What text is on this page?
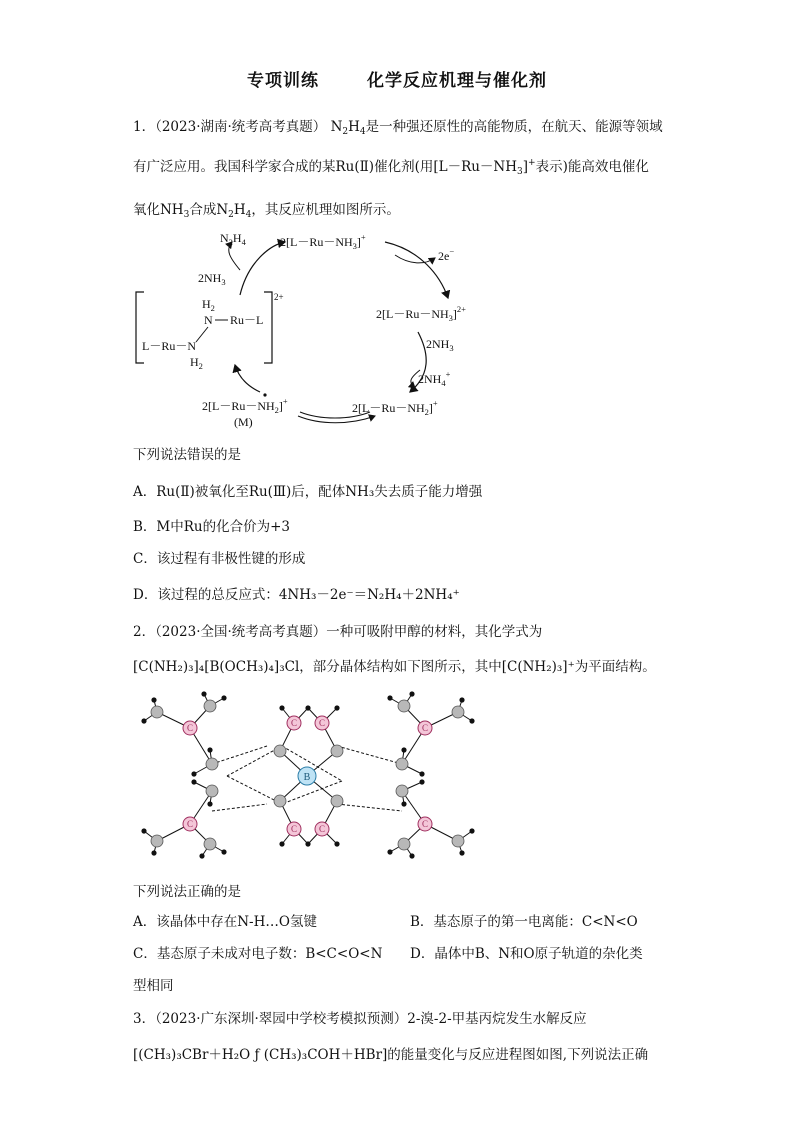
专项训练	化学反应机理与催化剂
1．（2023·湖南·统考高考真题） $N_2H_4$是一种强还原性的高能物质，在航天、能源等领域
有广泛应用。我国科学家合成的某Ru(Ⅱ)催化剂(用$[L-Ru-NH_3]^+$表示)能高效电催化
氧化$NH_3$合成$N_2H_4$，其反应机理如图所示。
$N_2H_4$
$2NH_3$
$2[L-Ru-NH_3]^+$
2e−
$2[L-Ru-NH_3]^{2+}$
$2NH_3$
$2NH_4^+$
$2[L-Ru-NH_2]^+$
$2[L-Ru-NH_2]^+$
(M)
2+
$H_2$
N Ru－L
L－Ru－N
$H_2$
下列说法错误的是
A．Ru(Ⅱ)被氧化至Ru(Ⅲ)后，配体NH₃失去质子能力增强
B．M中Ru的化合价为+3
C．该过程有非极性键的形成
D．该过程的总反应式：4NH₃－2e⁻＝N₂H₄＋2NH₄⁺
2．（2023·全国·统考高考真题）一种可吸附甲醇的材料，其化学式为
[C(NH₂)₃]₄[B(OCH₃)₄]₃Cl，部分晶体结构如下图所示，其中[C(NH₂)₃]⁺为平面结构。
C
C
C C
C C
C
C
B
下列说法正确的是
A．该晶体中存在N-H…O氢键	B．基态原子的第一电离能：C<N<O
C．基态原子未成对电子数：B<C<O<N D．晶体中B、N和O原子轨道的杂化类
型相同
3．（2023·广东深圳·翠园中学校考模拟预测）2-溴-2-甲基丙烷发生水解反应
[(CH₃)₃CBr＋H₂O ƒ (CH₃)₃COH＋HBr]的能量变化与反应进程图如图,下列说法正确
